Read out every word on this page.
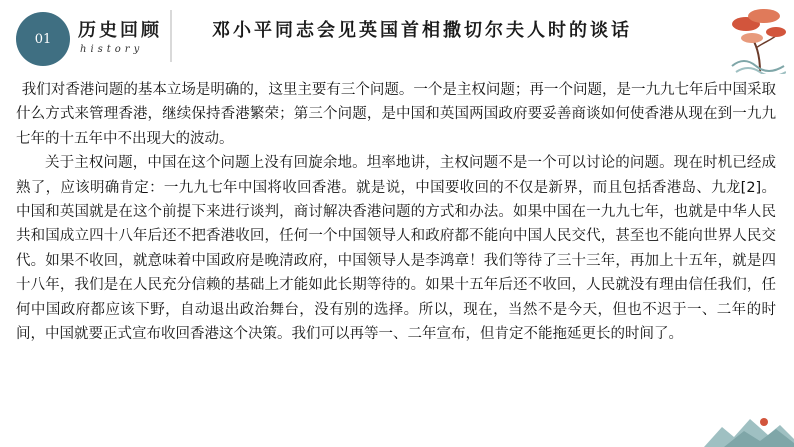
01 历史回顾
history
邓小平同志会见英国首相撒切尔夫人时的谈话

我们对香港问题的基本立场是明确的，这里主要有三个问题。一个是主权问题；再一个问题，是一九九七年后中国采取什么方式来管理香港，继续保持香港繁荣；第三个问题，是中国和英国两国政府要妥善商谈如何使香港从现在到一九九七年的十五年中不出现大的波动。

关于主权问题，中国在这个问题上没有回旋余地。坦率地讲，主权问题不是一个可以讨论的问题。现在时机已经成熟了，应该明确肯定：一九九七年中国将收回香港。就是说，中国要收回的不仅是新界，而且包括香港岛、九龙[2]。中国和英国就是在这个前提下来进行谈判，商讨解决香港问题的方式和办法。如果中国在一九九七年，也就是中华人民共和国成立四十八年后还不把香港收回，任何一个中国领导人和政府都不能向中国人民交代，甚至也不能向世界人民交代。如果不收回，就意味着中国政府是晚清政府，中国领导人是李鸿章！我们等待了三十三年，再加上十五年，就是四十八年，我们是在人民充分信赖的基础上才能如此长期等待的。如果十五年后还不收回，人民就没有理由信任我们，任何中国政府都应该下野，自动退出政治舞台，没有别的选择。所以，现在，当然不是今天，但也不迟于一、二年的时间，中国就要正式宣布收回香港这个决策。我们可以再等一、二年宣布，但肯定不能拖延更长的时间了。
